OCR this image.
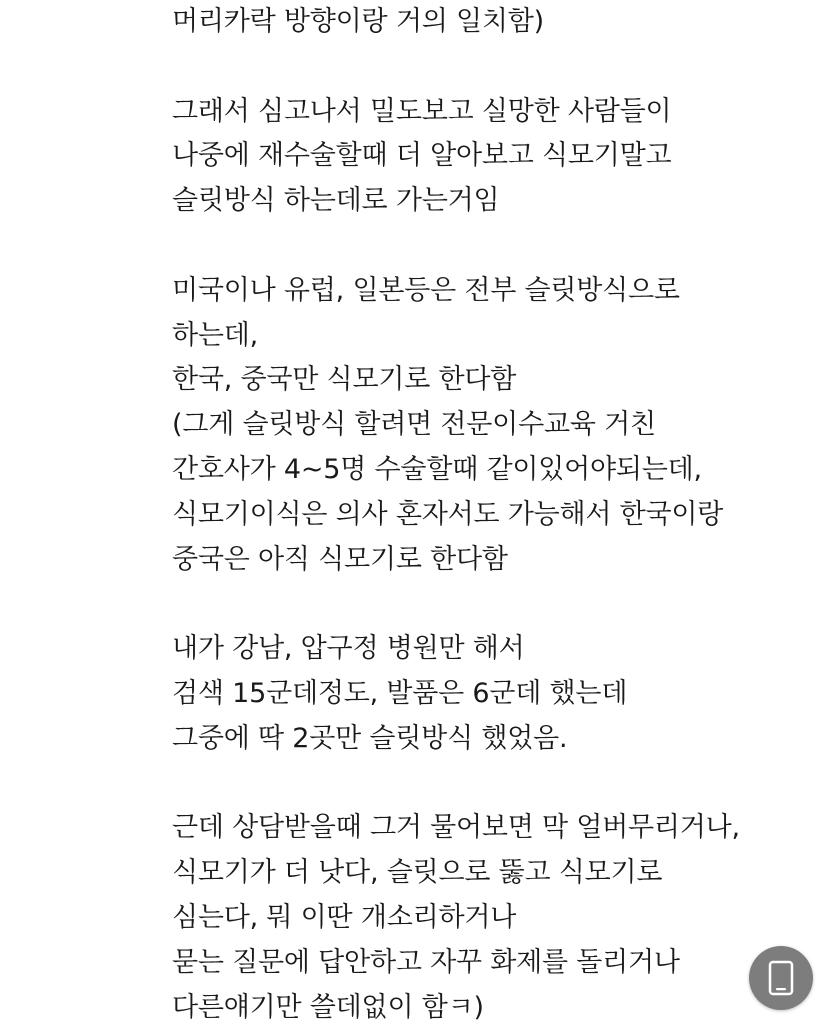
머리카락 방향이랑 거의 일치함)
그래서 심고나서 밀도보고 실망한 사람들이
나중에 재수술할때 더 알아보고 식모기말고
슬릿방식 하는데로 가는거임
미국이나 유럽, 일본등은 전부 슬릿방식으로
하는데,
한국, 중국만 식모기로 한다함
(그게 슬릿방식 할려면 전문이수교육 거친
간호사가 4~5명 수술할때 같이있어야되는데,
식모기이식은 의사 혼자서도 가능해서 한국이랑
중국은 아직 식모기로 한다함
내가 강남, 압구정 병원만 해서
검색 15군데정도, 발품은 6군데 했는데
그중에 딱 2곳만 슬릿방식 했었음.
근데 상담받을때 그거 물어보면 막 얼버무리거나,
식모기가 더 낫다, 슬릿으로 뚫고 식모기로
심는다, 뭐 이딴 개소리하거나
묻는 질문에 답안하고 자꾸 화제를 돌리거나
다른얘기만 쓸데없이 함ㅋ)
